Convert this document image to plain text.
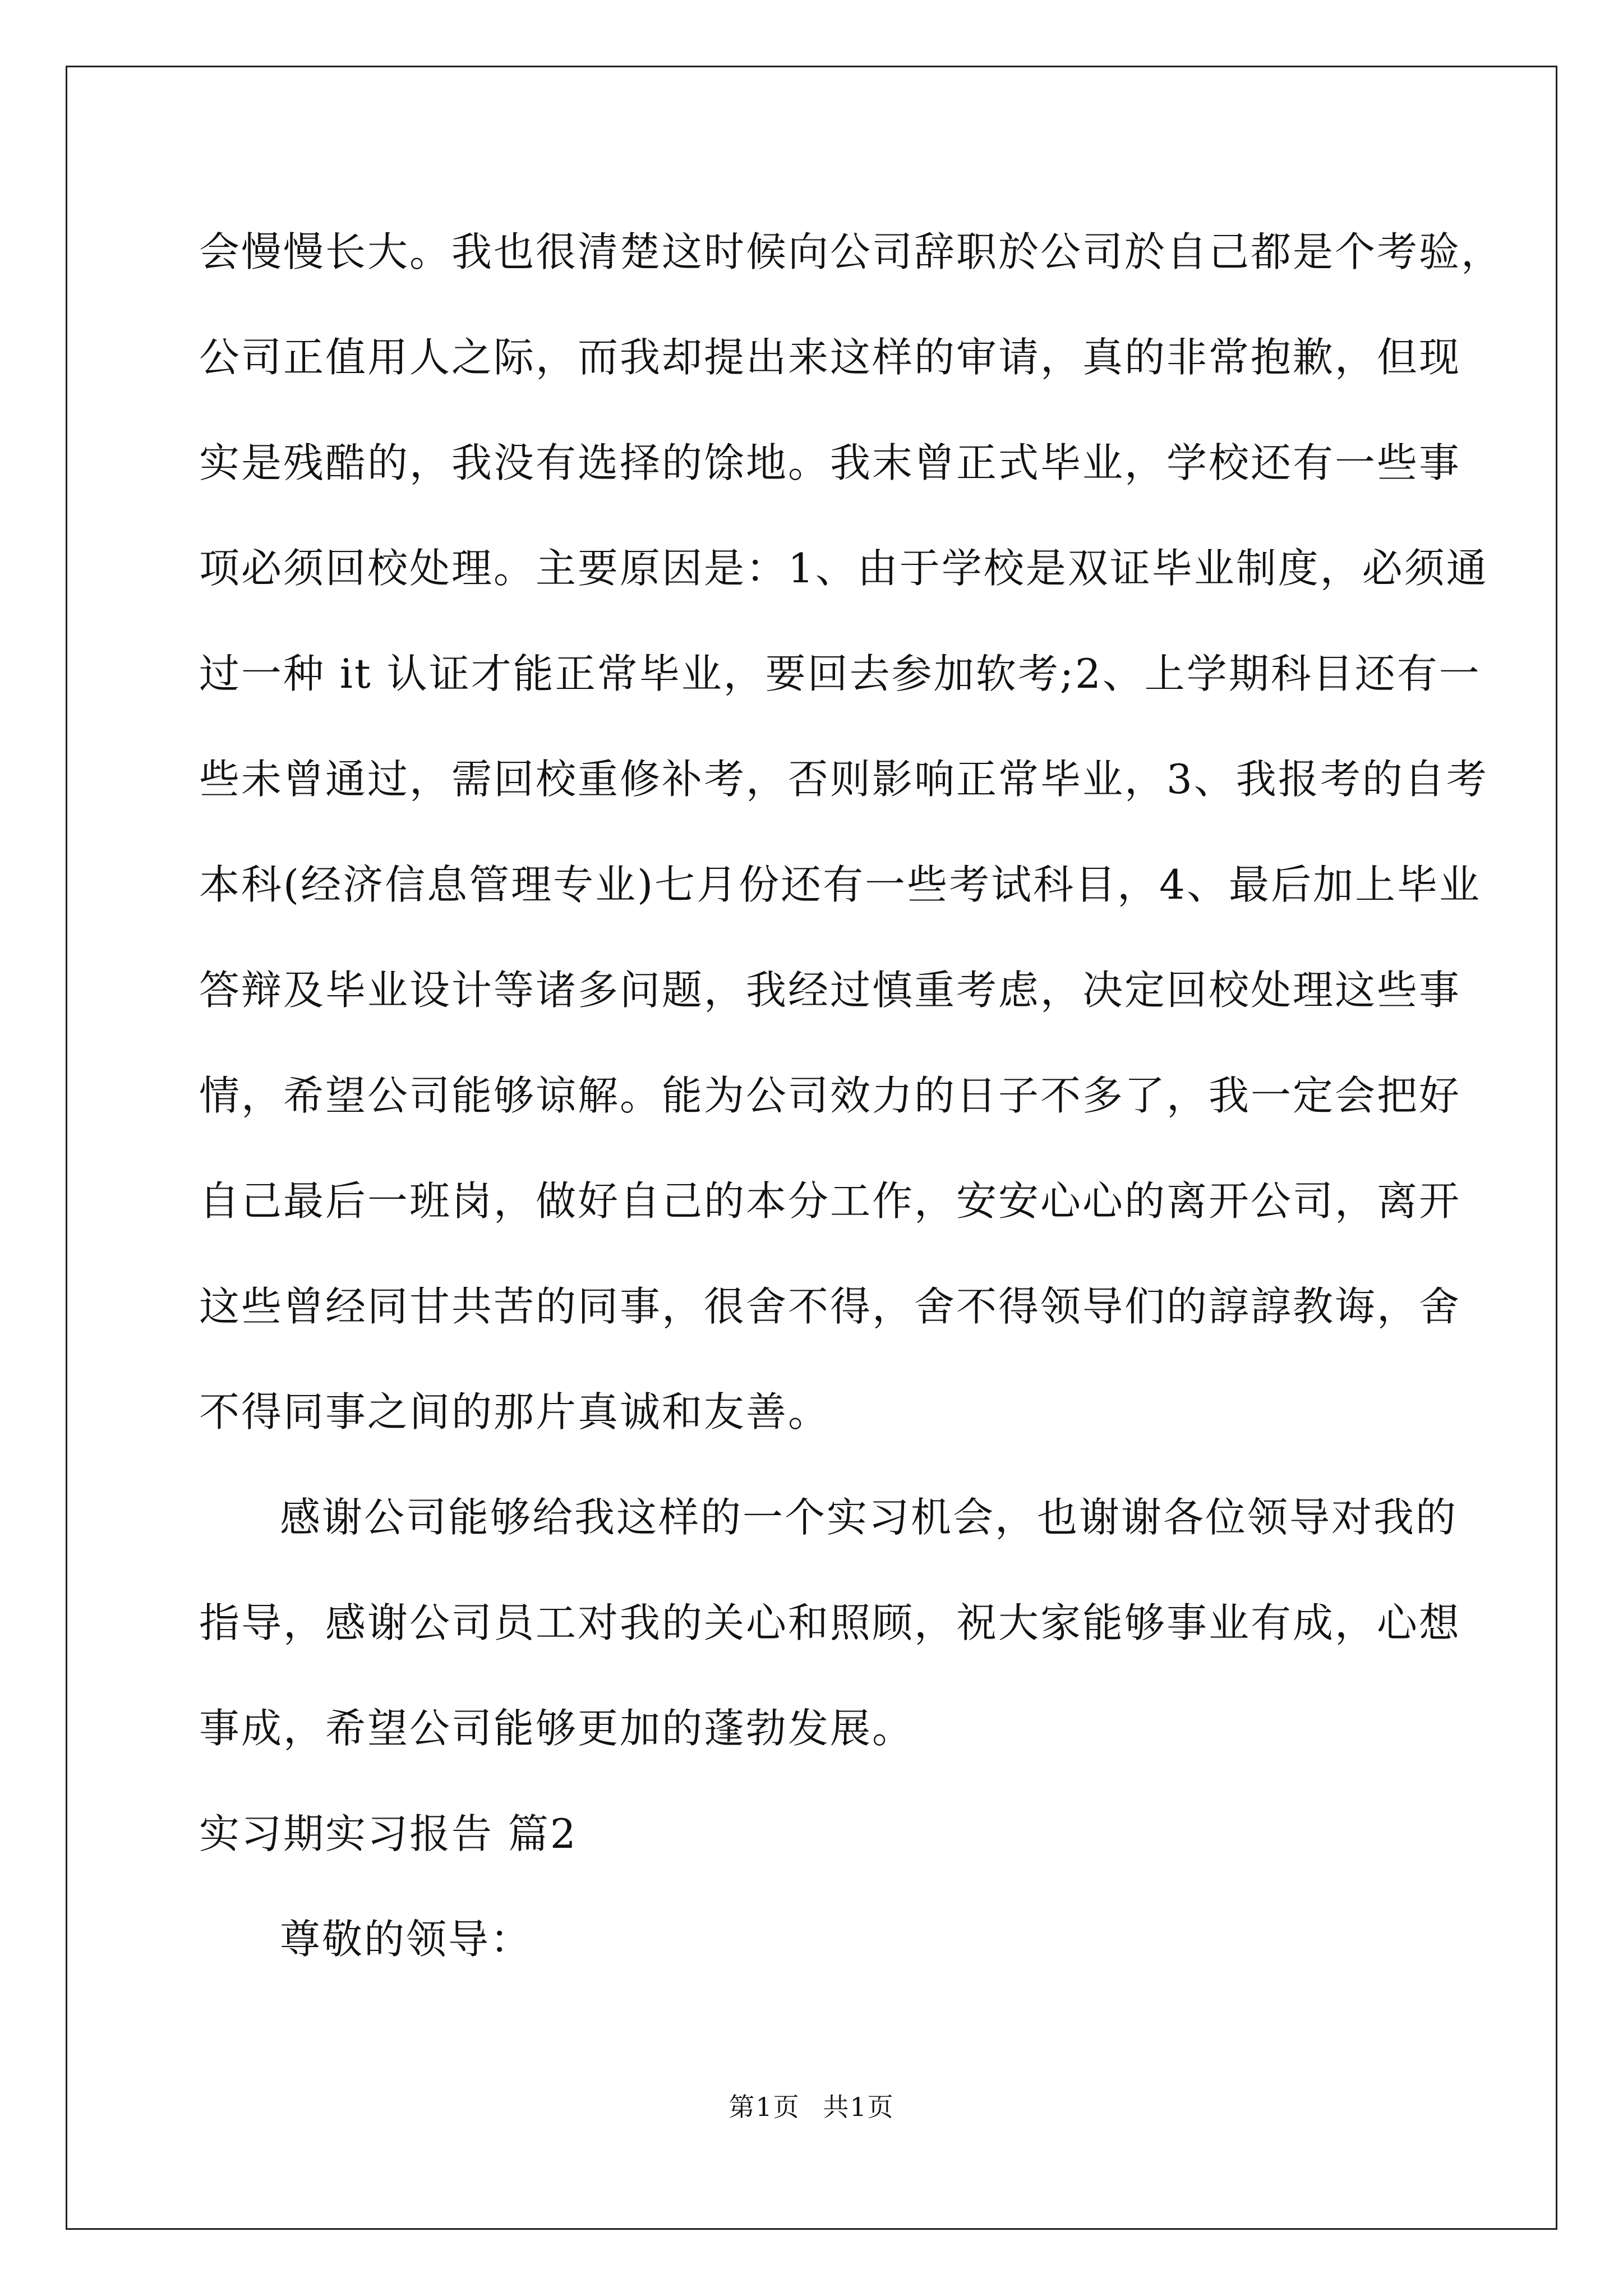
会慢慢长大。我也很清楚这时候向公司辞职於公司於自己都是个考验，
公司正值用人之际，而我却提出来这样的审请，真的非常抱歉，但现
实是残酷的，我没有选择的馀地。我末曾正式毕业，学校还有一些事
项必须回校处理。主要原因是：1、由于学校是双证毕业制度，必须通
过一种 it 认证才能正常毕业，要回去参加软考;2、上学期科目还有一
些未曾通过，需回校重修补考，否则影响正常毕业，3、我报考的自考
本科(经济信息管理专业)七月份还有一些考试科目，4、最后加上毕业
答辩及毕业设计等诸多问题，我经过慎重考虑，决定回校处理这些事
情，希望公司能够谅解。能为公司效力的日子不多了，我一定会把好
自己最后一班岗，做好自己的本分工作，安安心心的离开公司，离开
这些曾经同甘共苦的同事，很舍不得，舍不得领导们的諄諄教诲，舍
不得同事之间的那片真诚和友善。
感谢公司能够给我这样的一个实习机会，也谢谢各位领导对我的
指导，感谢公司员工对我的关心和照顾，祝大家能够事业有成，心想
事成，希望公司能够更加的蓬勃发展。
实习期实习报告 篇2
尊敬的领导：
第1页 共1页
